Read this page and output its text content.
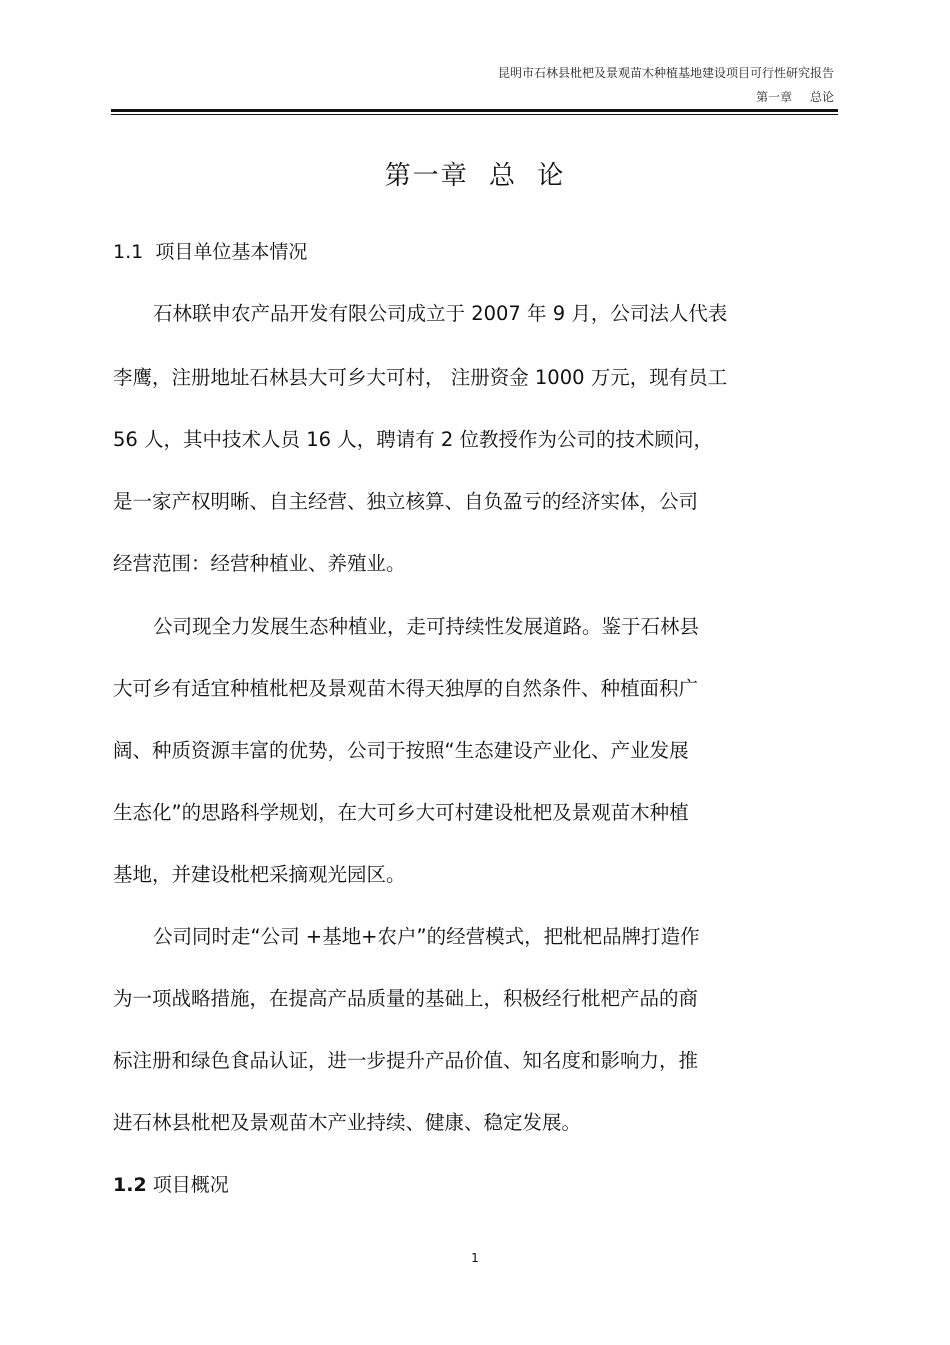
昆明市石林县枇杷及景观苗木种植基地建设项目可行性研究报告
第一章 总论
第一章 总 论
1.1 项目单位基本情况
石林联申农产品开发有限公司成立于 2007 年 9 月，公司法人代表
李鹰，注册地址石林县大可乡大可村， 注册资金 1000 万元，现有员工
56 人，其中技术人员 16 人，聘请有 2 位教授作为公司的技术顾问，
是一家产权明晰、自主经营、独立核算、自负盈亏的经济实体，公司
经营范围：经营种植业、养殖业。
公司现全力发展生态种植业，走可持续性发展道路。鉴于石林县
大可乡有适宜种植枇杷及景观苗木得天独厚的自然条件、种植面积广
阔、种质资源丰富的优势，公司于按照“生态建设产业化、产业发展
生态化”的思路科学规划，在大可乡大可村建设枇杷及景观苗木种植
基地，并建设枇杷采摘观光园区。
公司同时走“公司 +基地+农户”的经营模式，把枇杷品牌打造作
为一项战略措施，在提高产品质量的基础上，积极经行枇杷产品的商
标注册和绿色食品认证，进一步提升产品价值、知名度和影响力，推
进石林县枇杷及景观苗木产业持续、健康、稳定发展。
1.2 项目概况
1
